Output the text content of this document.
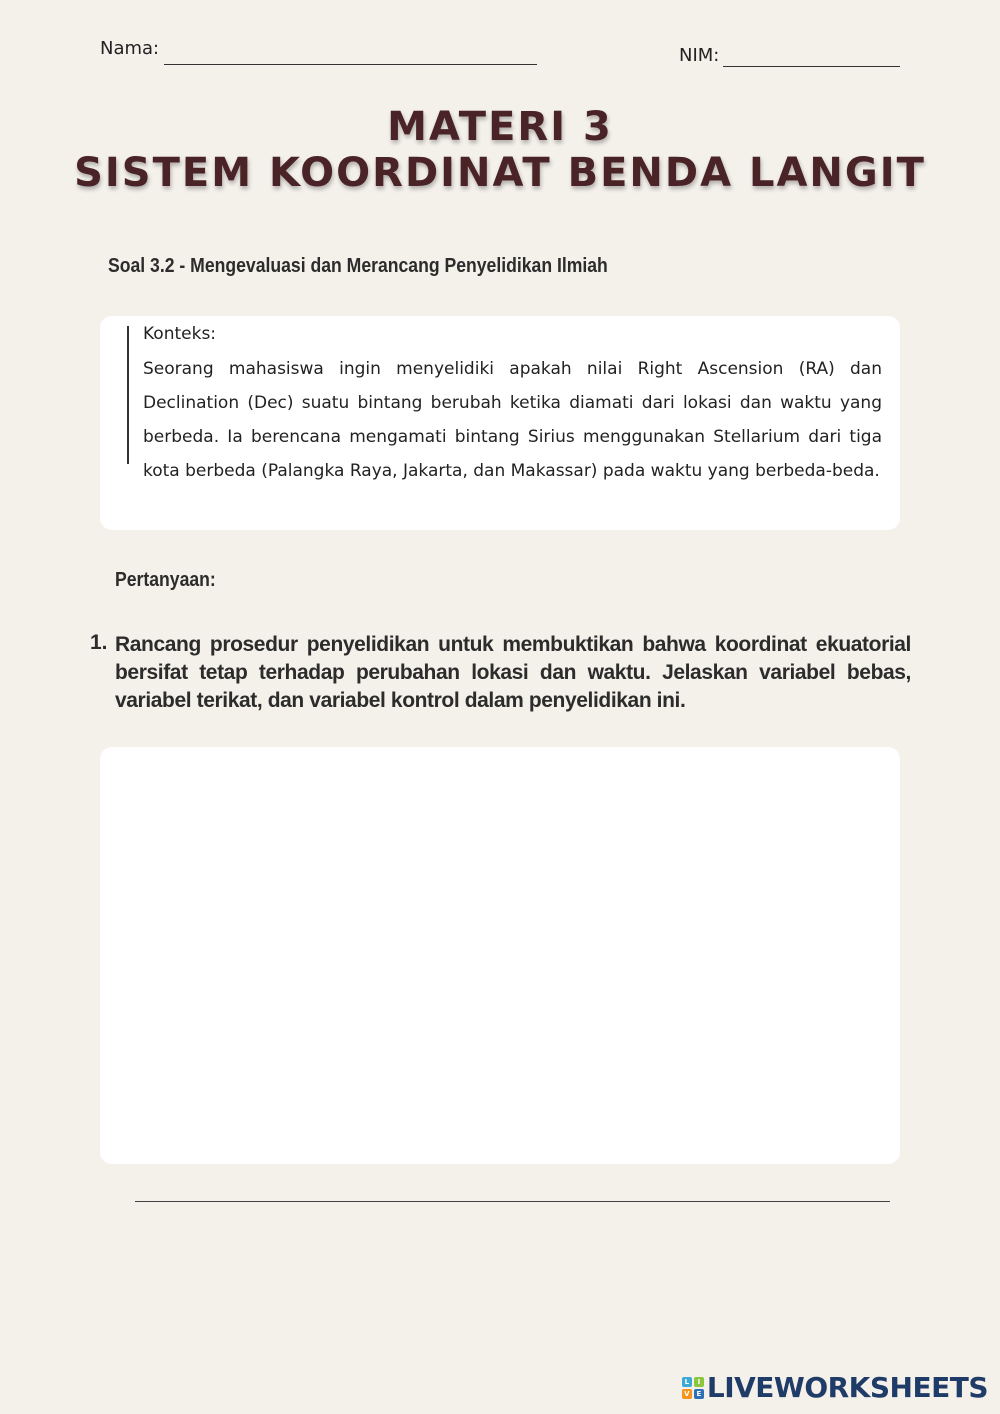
Nama:	NIM:
MATERI 3
SISTEM KOORDINAT BENDA LANGIT
Soal 3.2 - Mengevaluasi dan Merancang Penyelidikan Ilmiah
Konteks:
Seorang mahasiswa ingin menyelidiki apakah nilai Right Ascension (RA) dan Declination (Dec) suatu bintang berubah ketika diamati dari lokasi dan waktu yang berbeda. Ia berencana mengamati bintang Sirius menggunakan Stellarium dari tiga kota berbeda (Palangka Raya, Jakarta, dan Makassar) pada waktu yang berbeda-beda.
Pertanyaan:
1. Rancang prosedur penyelidikan untuk membuktikan bahwa koordinat ekuatorial bersifat tetap terhadap perubahan lokasi dan waktu. Jelaskan variabel bebas, variabel terikat, dan variabel kontrol dalam penyelidikan ini.
L	I
V E LIVEWORKSHEETS
